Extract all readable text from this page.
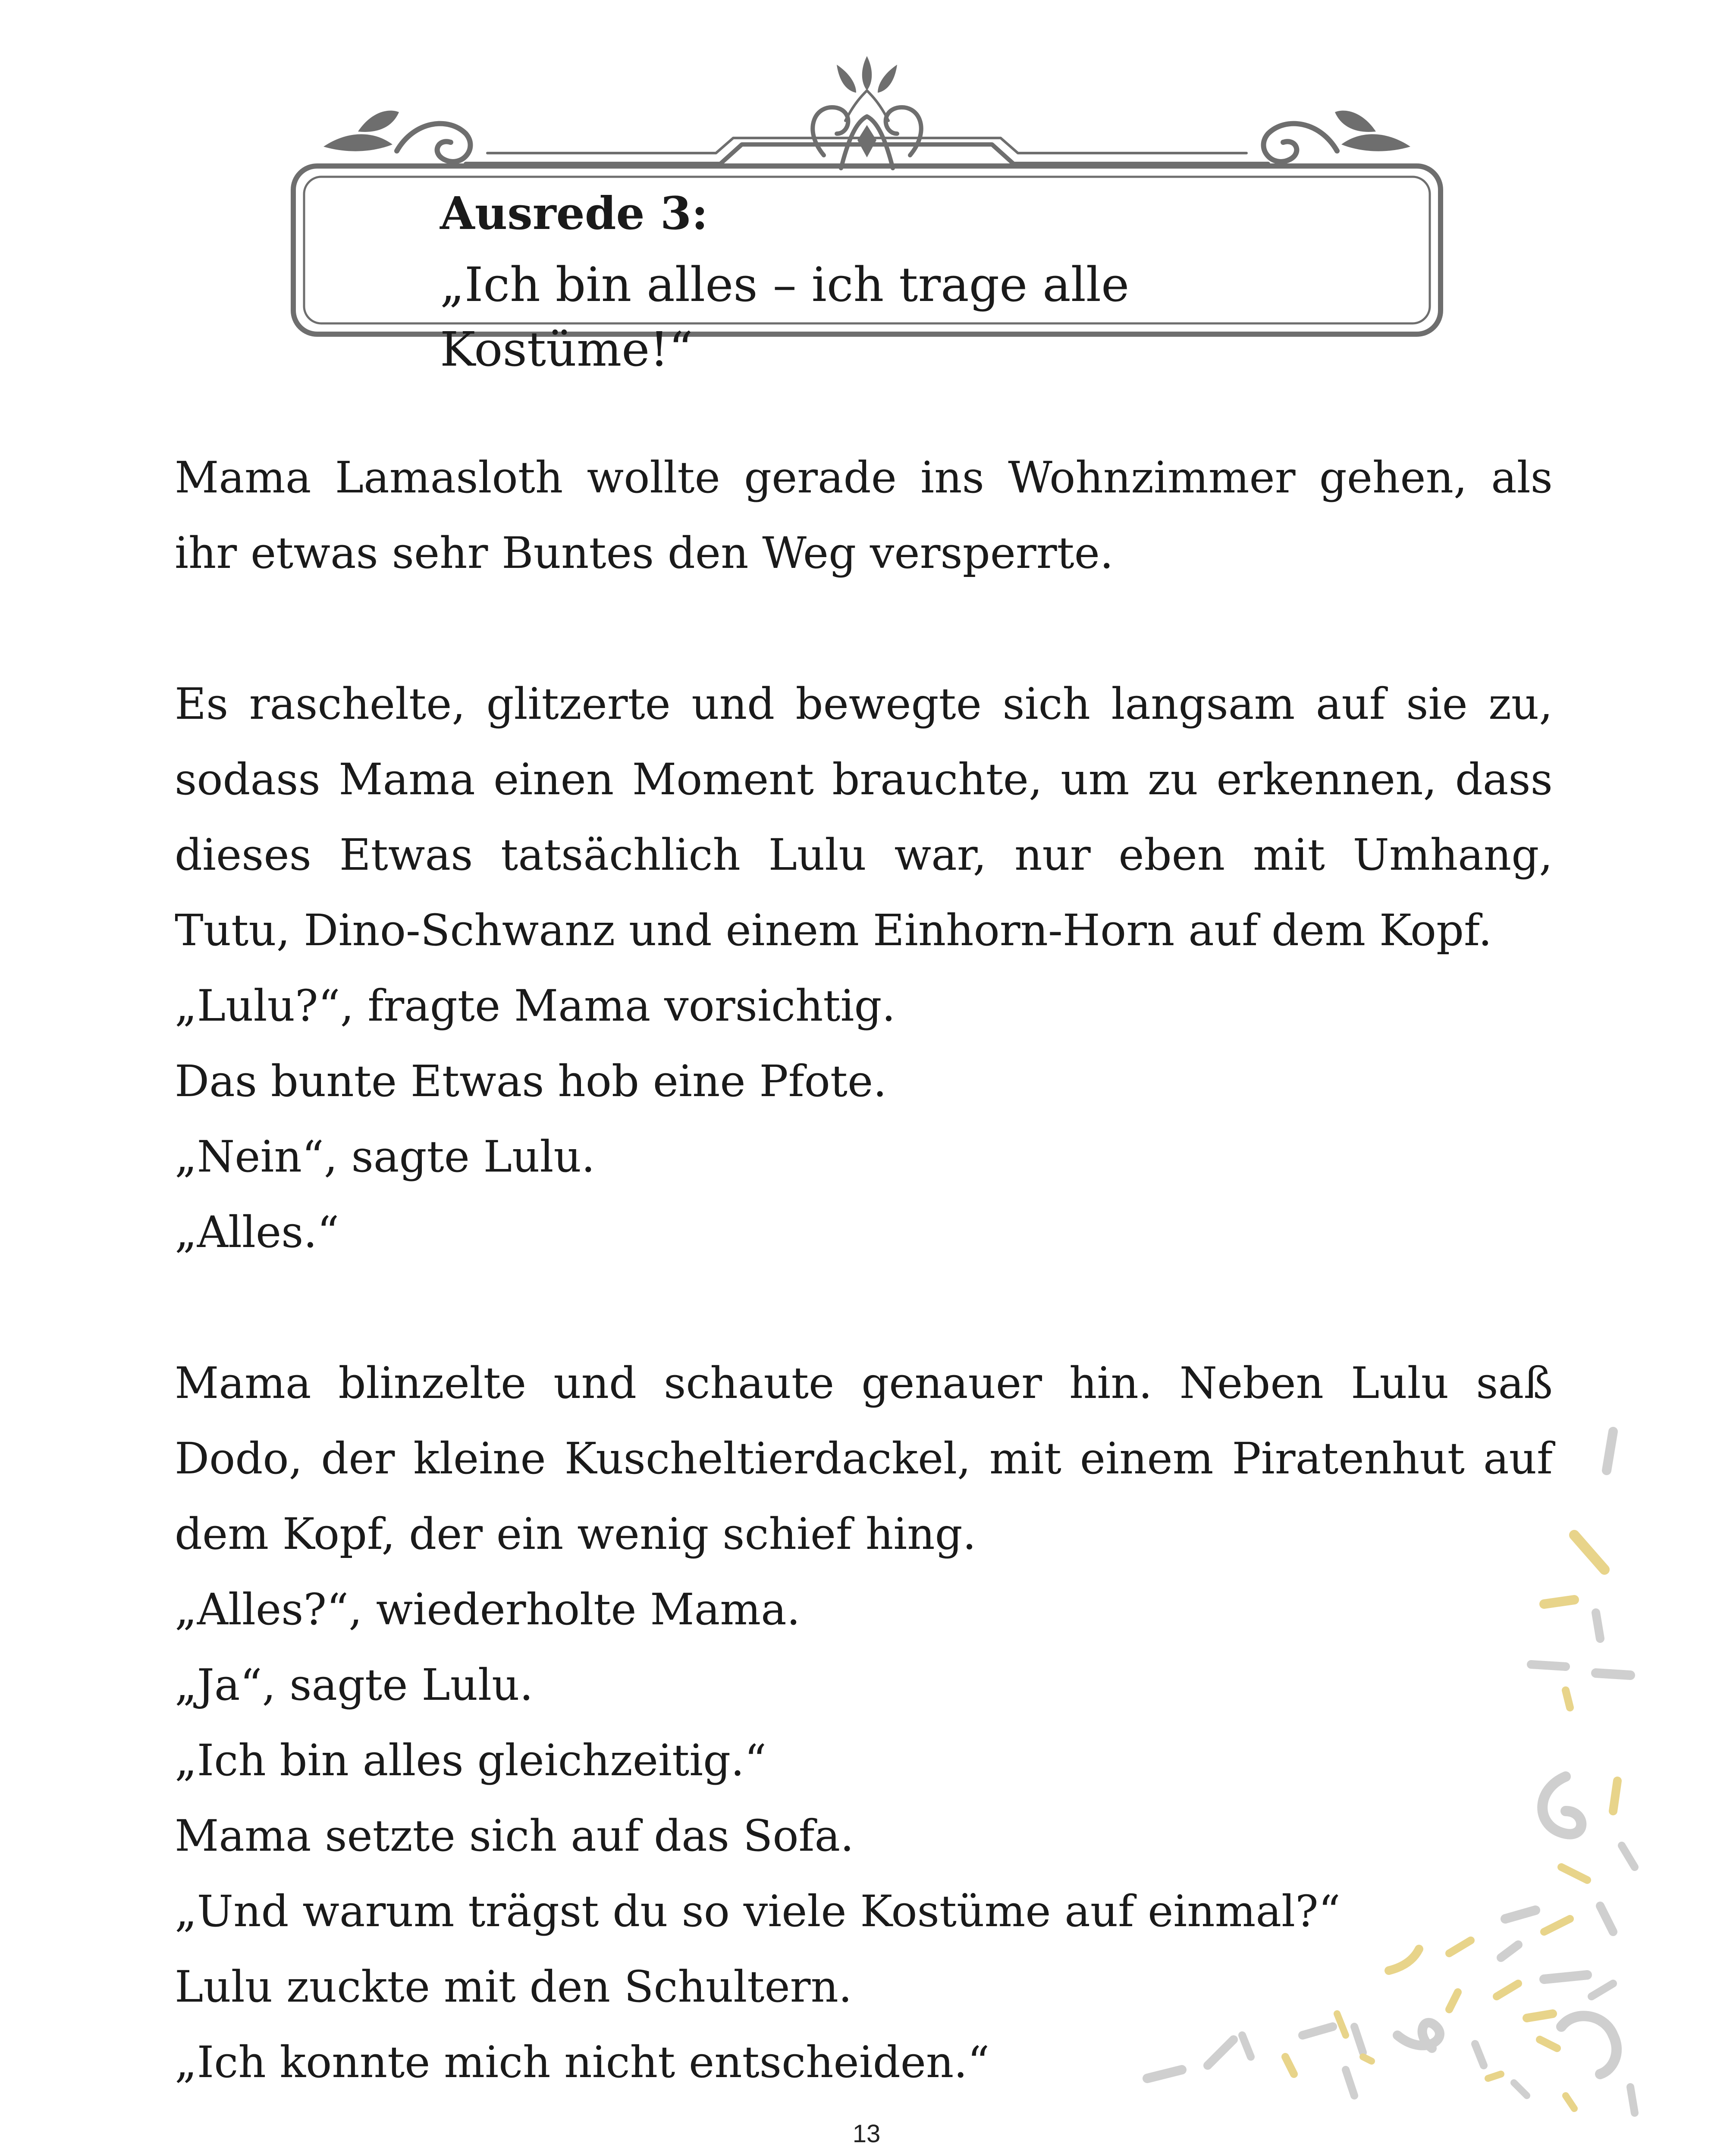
Ausrede 3:
„Ich bin alles – ich trage alle Kostüme!“

Mama Lamasloth wollte gerade ins Wohnzimmer gehen, als ihr etwas sehr Buntes den Weg versperrte.

Es raschelte, glitzerte und bewegte sich langsam auf sie zu, sodass Mama einen Moment brauchte, um zu erkennen, dass dieses Etwas tatsächlich Lulu war, nur eben mit Umhang, Tutu, Dino-Schwanz und einem Einhorn-Horn auf dem Kopf.

„Lulu?“, fragte Mama vorsichtig.

Das bunte Etwas hob eine Pfote.

„Nein“, sagte Lulu.

„Alles.“

Mama blinzelte und schaute genauer hin. Neben Lulu saß Dodo, der kleine Kuscheltierdackel, mit einem Piratenhut auf dem Kopf, der ein wenig schief hing.

„Alles?“, wiederholte Mama.

„Ja“, sagte Lulu.

„Ich bin alles gleichzeitig.“

Mama setzte sich auf das Sofa.

„Und warum trägst du so viele Kostüme auf einmal?“

Lulu zuckte mit den Schultern.

„Ich konnte mich nicht entscheiden.“

13
